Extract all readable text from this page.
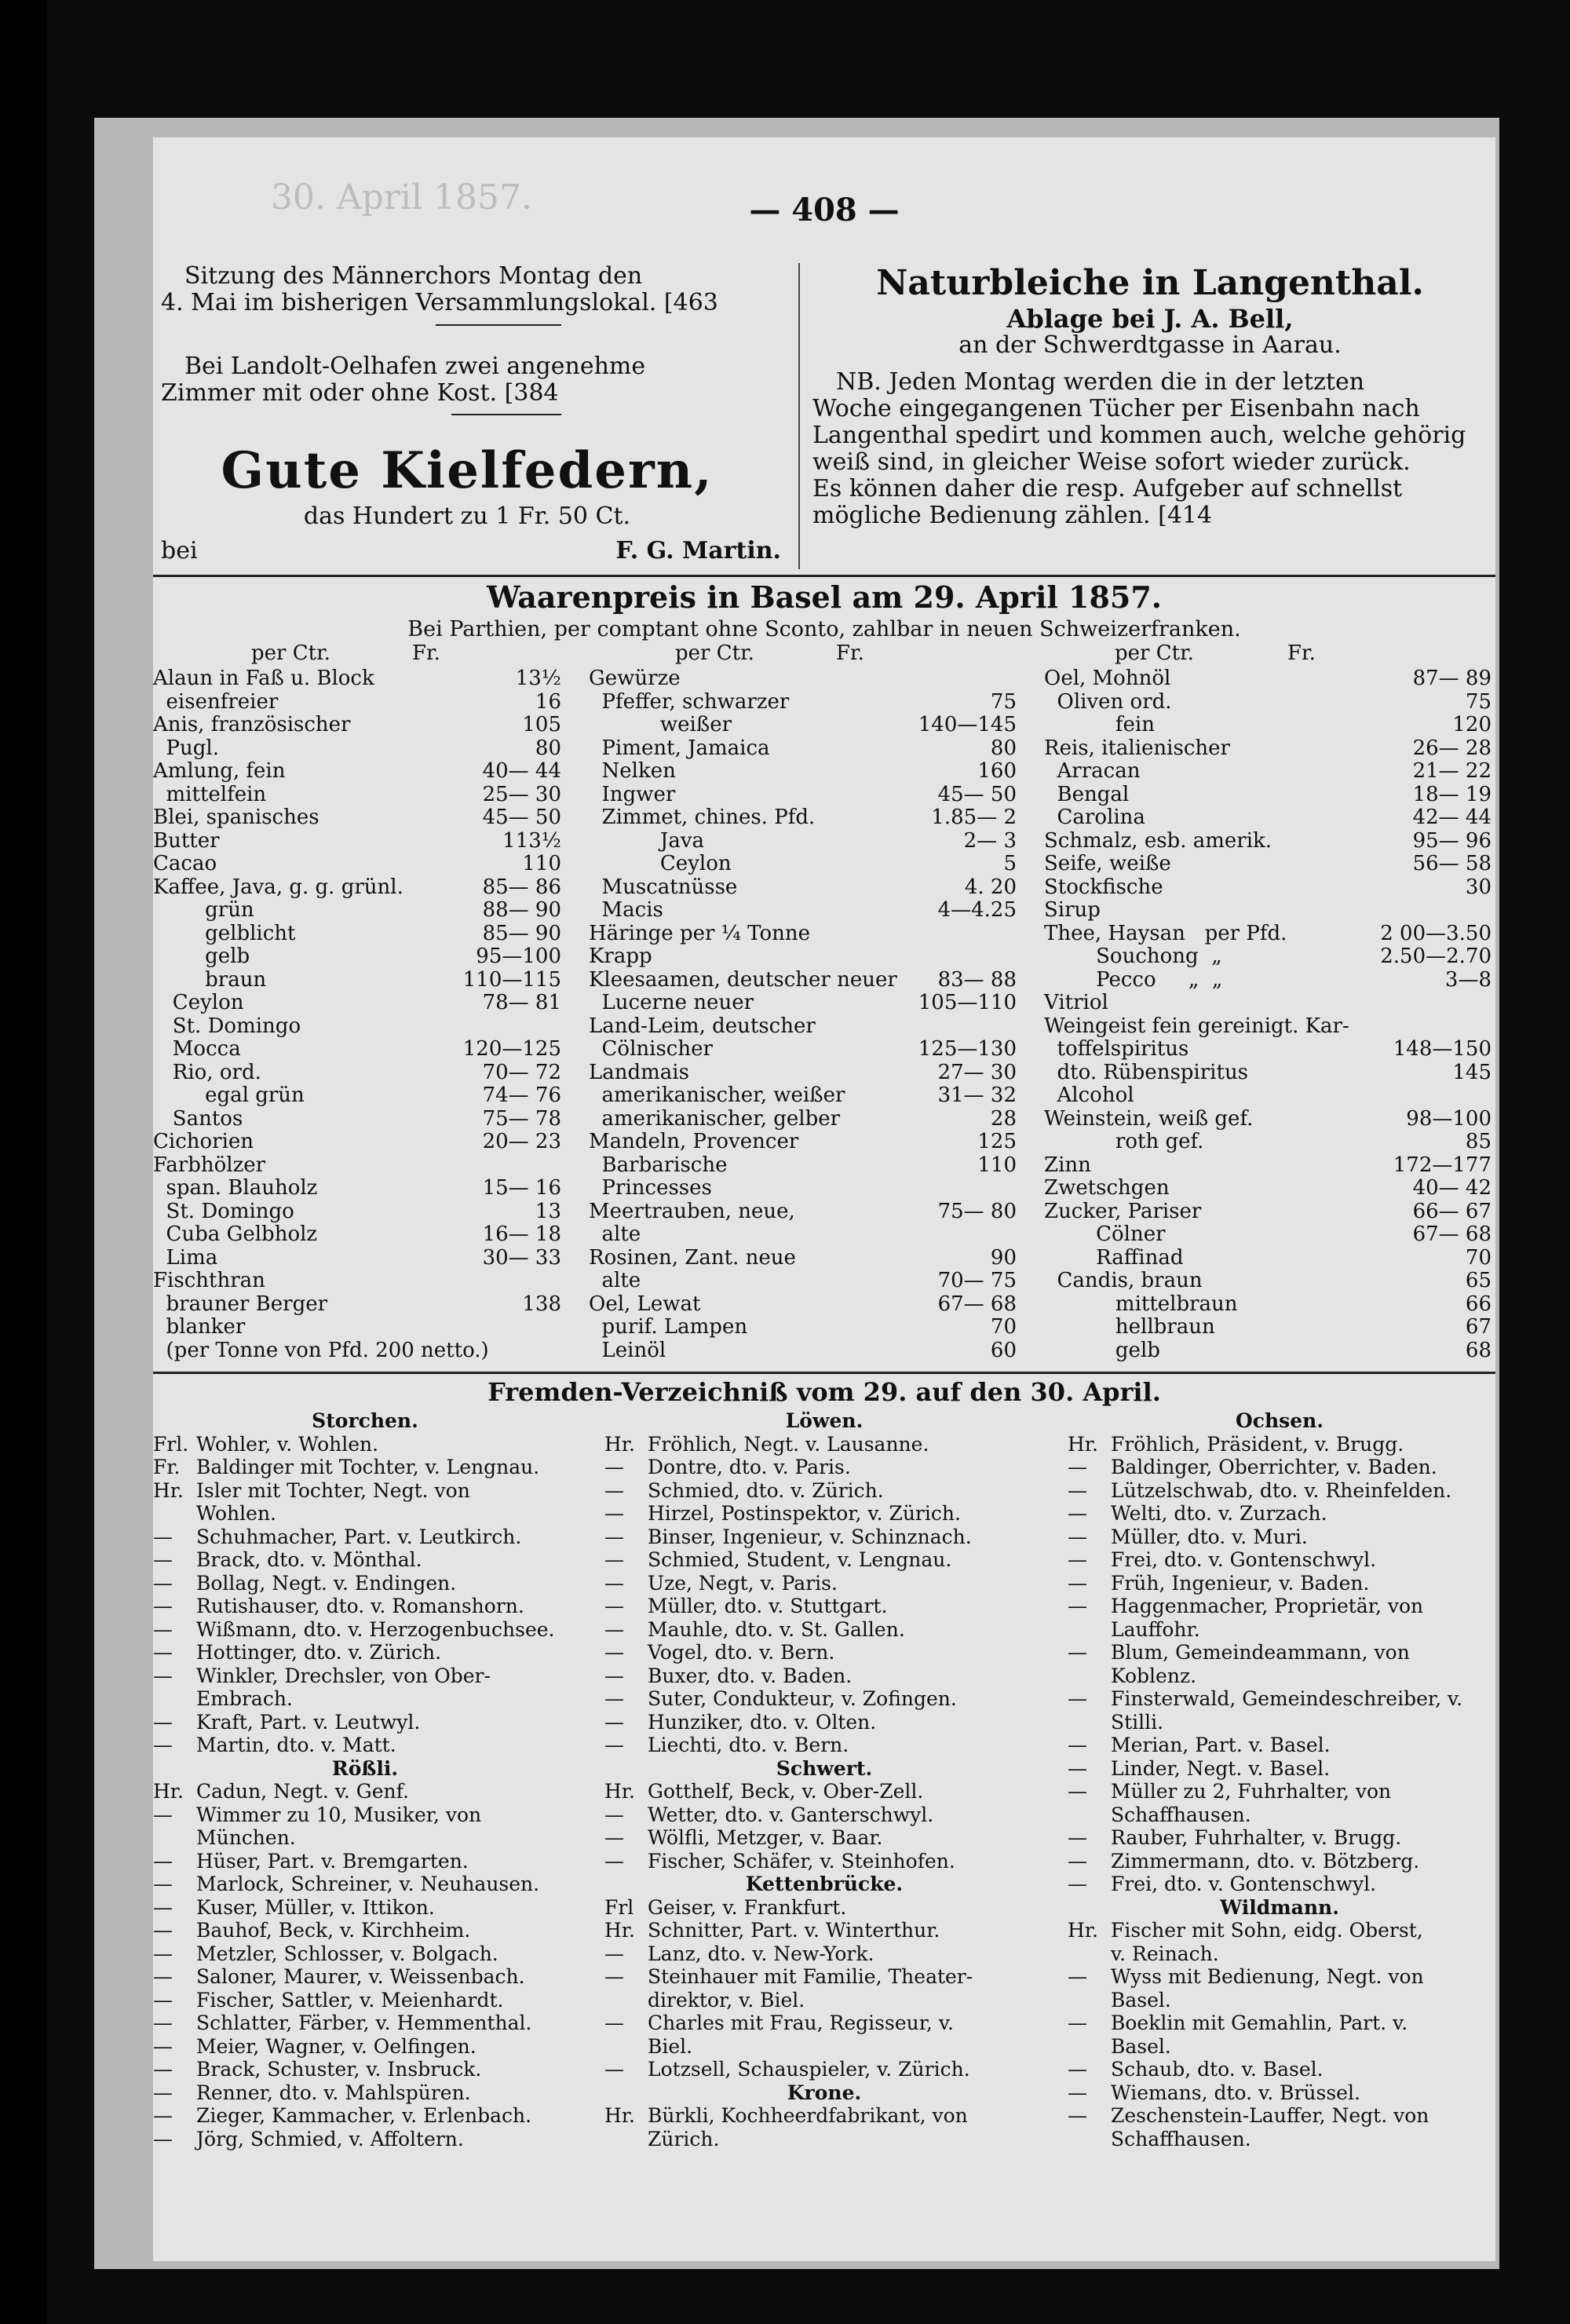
— 408 —
30. April 1857.
Sitzung des Männerchors Montag den
4. Mai im bisherigen Versammlungslokal. [463
Bei Landolt-Oelhafen zwei angenehme
Zimmer mit oder ohne Kost. [384
Gute Kielfedern,
das Hundert zu 1 Fr. 50 Ct.
bei	F. G. Martin.
Naturbleiche in Langenthal.
Ablage bei J. A. Bell,
an der Schwerdtgasse in Aarau.
NB. Jeden Montag werden die in der letzten
Woche eingegangenen Tücher per Eisenbahn nach
Langenthal spedirt und kommen auch, welche gehörig
weiß sind, in gleicher Weise sofort wieder zurück.
Es können daher die resp. Aufgeber auf schnellst
mögliche Bedienung zählen. [414
Waarenpreis in Basel am 29. April 1857.
Bei Parthien, per comptant ohne Sconto, zahlbar in neuen Schweizerfranken.
per Ctr.	Fr.	per Ctr.	Fr.	per Ctr.	Fr.
Alaun in Faß u. Block	13½
eisenfreier	16
Anis, französischer	105
Pugl.	80
Amlung, fein	40— 44
mittelfein	25— 30
Blei, spanisches	45— 50
Butter	113½
Cacao	110
Kaffee, Java, g. g. grünl.	85— 86
grün	88— 90
gelblicht	85— 90
gelb	95—100
braun	110—115
Ceylon	78— 81
St. Domingo
Mocca	120—125
Rio, ord.	70— 72
egal grün	74— 76
Santos	75— 78
Cichorien	20— 23
Farbhölzer
span. Blauholz	15— 16
St. Domingo	13
Cuba Gelbholz	16— 18
Lima	30— 33
Fischthran
brauner Berger	138
blanker
(per Tonne von Pfd. 200 netto.)
Gewürze
Pfeffer, schwarzer	75
weißer	140—145
Piment, Jamaica	80
Nelken	160
Ingwer	45— 50
Zimmet, chines. Pfd.	1.85— 2
Java	2— 3
Ceylon	5
Muscatnüsse	4. 20
Macis	4—4.25
Häringe per ¼ Tonne
Krapp
Kleesaamen, deutscher neuer 83— 88
Lucerne neuer	105—110
Land-Leim, deutscher
Cölnischer	125—130
Landmais	27— 30
amerikanischer, weißer	31— 32
amerikanischer, gelber	28
Mandeln, Provencer	125
Barbarische	110
Princesses
Meertrauben, neue,	75— 80
alte
Rosinen, Zant. neue	90
alte	70— 75
Oel, Lewat	67— 68
purif. Lampen	70
Leinöl	60
Oel, Mohnöl	87— 89
Oliven ord.	75
fein	120
Reis, italienischer	26— 28
Arracan	21— 22
Bengal	18— 19
Carolina	42— 44
Schmalz, esb. amerik.	95— 96
Seife, weiße	56— 58
Stockfische	30
Sirup
Thee, Haysan   per Pfd.	2 00—3.50
Souchong  „	2.50—2.70
Pecco     „  „	3—8
Vitriol
Weingeist fein gereinigt. Kar-
toffelspiritus	148—150
dto. Rübenspiritus	145
Alcohol
Weinstein, weiß gef.	98—100
roth gef.	85
Zinn	172—177
Zwetschgen	40— 42
Zucker, Pariser	66— 67
Cölner	67— 68
Raffinad	70
Candis, braun	65
mittelbraun	66
hellbraun	67
gelb	68
Fremden-Verzeichniß vom 29. auf den 30. April.
Storchen.
Frl. Wohler, v. Wohlen.
Fr. Baldinger mit Tochter, v. Lengnau.
Hr. Isler mit Tochter, Negt. von
Wohlen.
— Schuhmacher, Part. v. Leutkirch.
— Brack, dto. v. Mönthal.
— Bollag, Negt. v. Endingen.
— Rutishauser, dto. v. Romanshorn.
— Wißmann, dto. v. Herzogenbuchsee.
— Hottinger, dto. v. Zürich.
— Winkler, Drechsler, von Ober-
Embrach.
— Kraft, Part. v. Leutwyl.
— Martin, dto. v. Matt.
Rößli.
Hr. Cadun, Negt. v. Genf.
— Wimmer zu 10, Musiker, von
München.
— Hüser, Part. v. Bremgarten.
— Marlock, Schreiner, v. Neuhausen.
— Kuser, Müller, v. Ittikon.
— Bauhof, Beck, v. Kirchheim.
— Metzler, Schlosser, v. Bolgach.
— Saloner, Maurer, v. Weissenbach.
— Fischer, Sattler, v. Meienhardt.
— Schlatter, Färber, v. Hemmenthal.
— Meier, Wagner, v. Oelfingen.
— Brack, Schuster, v. Insbruck.
— Renner, dto. v. Mahlspüren.
— Zieger, Kammacher, v. Erlenbach.
— Jörg, Schmied, v. Affoltern.
Löwen.
Hr. Fröhlich, Negt. v. Lausanne.
— Dontre, dto. v. Paris.
— Schmied, dto. v. Zürich.
— Hirzel, Postinspektor, v. Zürich.
— Binser, Ingenieur, v. Schinznach.
— Schmied, Student, v. Lengnau.
— Uze, Negt, v. Paris.
— Müller, dto. v. Stuttgart.
— Mauhle, dto. v. St. Gallen.
— Vogel, dto. v. Bern.
— Buxer, dto. v. Baden.
— Suter, Condukteur, v. Zofingen.
— Hunziker, dto. v. Olten.
— Liechti, dto. v. Bern.
Schwert.
Hr. Gotthelf, Beck, v. Ober-Zell.
— Wetter, dto. v. Ganterschwyl.
— Wölfli, Metzger, v. Baar.
— Fischer, Schäfer, v. Steinhofen.
Kettenbrücke.
Frl Geiser, v. Frankfurt.
Hr. Schnitter, Part. v. Winterthur.
— Lanz, dto. v. New-York.
— Steinhauer mit Familie, Theater-
direktor, v. Biel.
— Charles mit Frau, Regisseur, v.
Biel.
— Lotzsell, Schauspieler, v. Zürich.
Krone.
Hr. Bürkli, Kochheerdfabrikant, von
Zürich.
Ochsen.
Hr. Fröhlich, Präsident, v. Brugg.
— Baldinger, Oberrichter, v. Baden.
— Lützelschwab, dto. v. Rheinfelden.
— Welti, dto. v. Zurzach.
— Müller, dto. v. Muri.
— Frei, dto. v. Gontenschwyl.
— Früh, Ingenieur, v. Baden.
— Haggenmacher, Proprietär, von
Lauffohr.
— Blum, Gemeindeammann, von
Koblenz.
— Finsterwald, Gemeindeschreiber, v.
Stilli.
— Merian, Part. v. Basel.
— Linder, Negt. v. Basel.
— Müller zu 2, Fuhrhalter, von
Schaffhausen.
— Rauber, Fuhrhalter, v. Brugg.
— Zimmermann, dto. v. Bötzberg.
— Frei, dto. v. Gontenschwyl.
Wildmann.
Hr. Fischer mit Sohn, eidg. Oberst,
v. Reinach.
— Wyss mit Bedienung, Negt. von
Basel.
— Boeklin mit Gemahlin, Part. v.
Basel.
— Schaub, dto. v. Basel.
— Wiemans, dto. v. Brüssel.
— Zeschenstein-Lauffer, Negt. von
Schaffhausen.
